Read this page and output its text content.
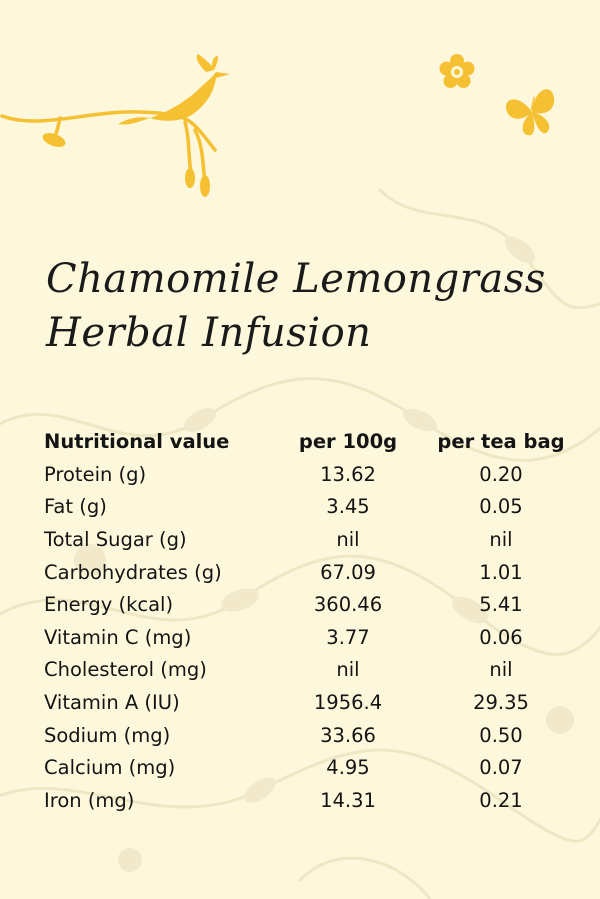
Chamomile Lemongrass
Herbal Infusion
Nutritional value	per 100g	per tea bag
Protein (g)	13.62	0.20
Fat (g)	3.45	0.05
Total Sugar (g)	nil	nil
Carbohydrates (g)	67.09	1.01
Energy (kcal)	360.46	5.41
Vitamin C (mg)	3.77	0.06
Cholesterol (mg)	nil	nil
Vitamin A (IU)	1956.4	29.35
Sodium (mg)	33.66	0.50
Calcium (mg)	4.95	0.07
Iron (mg)	14.31	0.21
